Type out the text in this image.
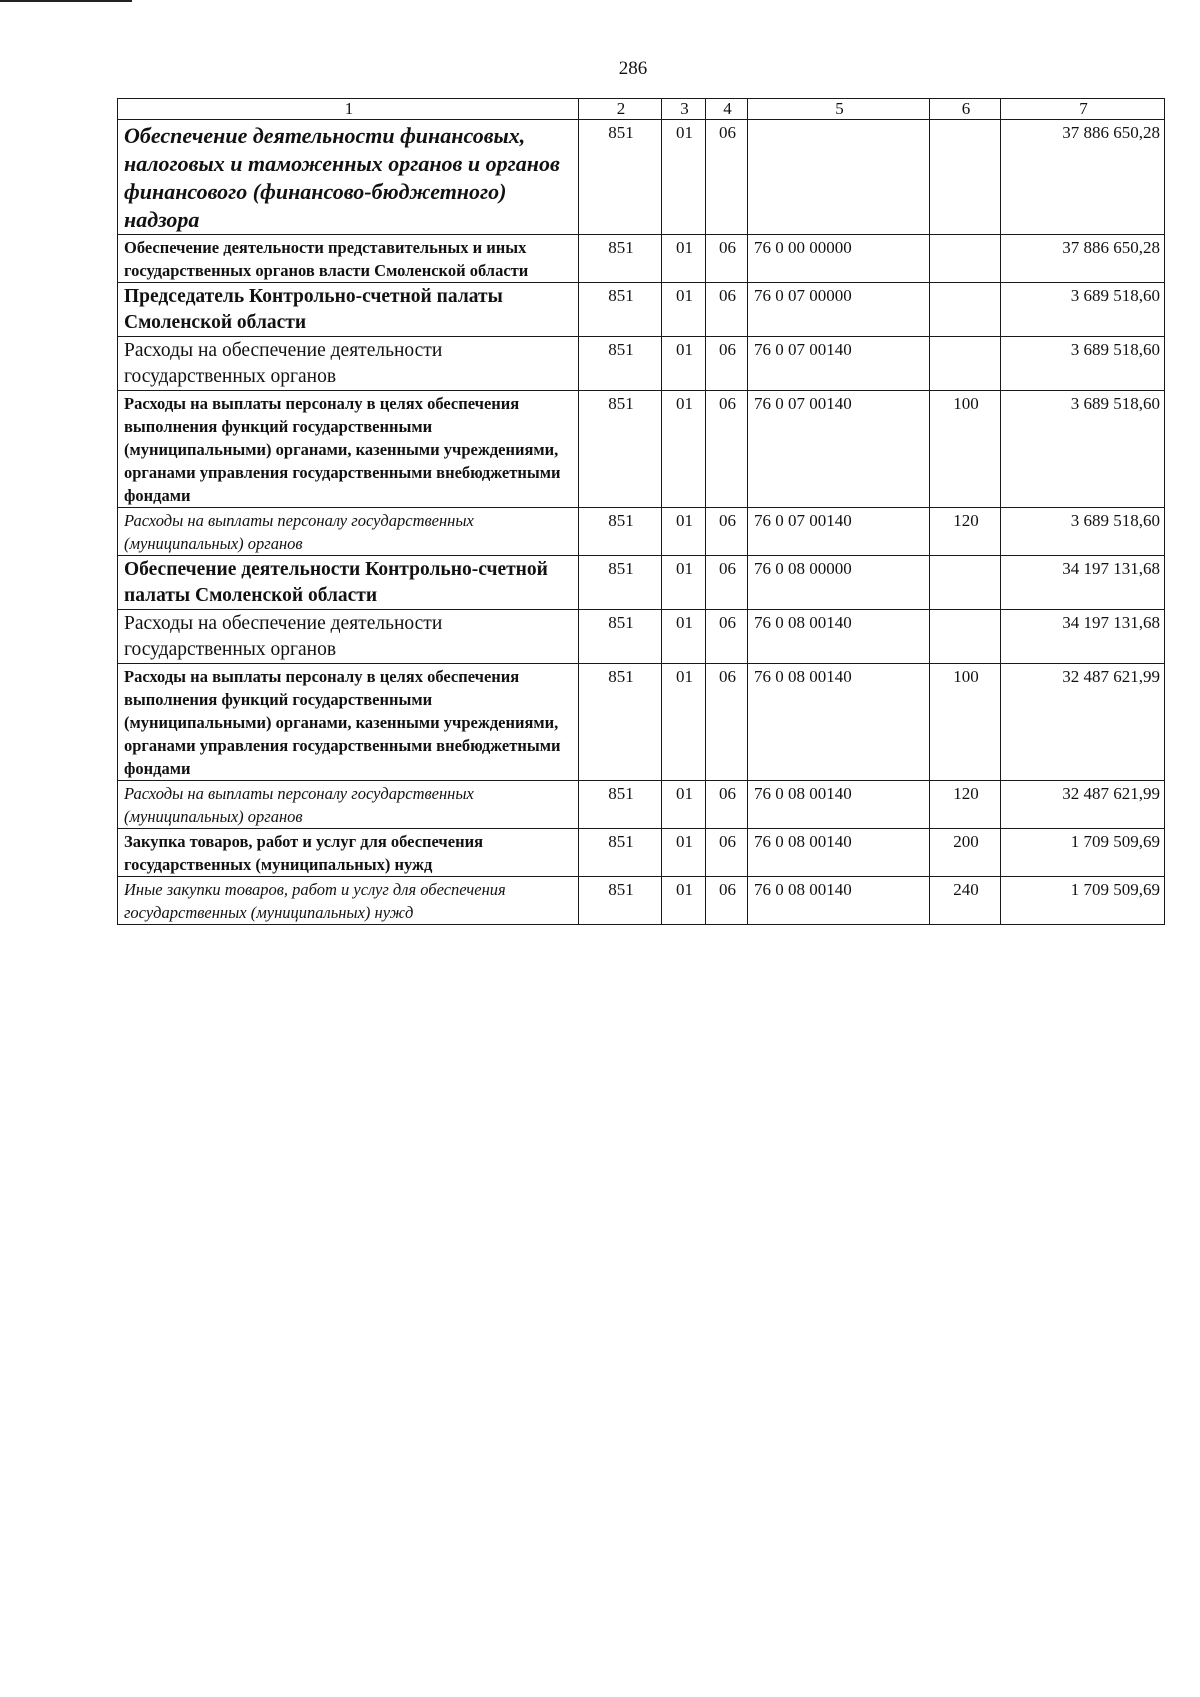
286
1	2	3	4	5	6	7
Обеспечение деятельности финансовых, налоговых и таможенных органов и органов финансового (финансово-бюджетного) надзора	851	01	06			37 886 650,28
Обеспечение деятельности представительных и иных государственных органов власти Смоленской области	851	01	06	76 0 00 00000		37 886 650,28
Председатель Контрольно-счетной палаты Смоленской области	851	01	06	76 0 07 00000		3 689 518,60
Расходы на обеспечение деятельности государственных органов	851	01	06	76 0 07 00140		3 689 518,60
Расходы на выплаты персоналу в целях обеспечения выполнения функций государственными (муниципальными) органами, казенными учреждениями, органами управления государственными внебюджетными фондами	851	01	06	76 0 07 00140	100	3 689 518,60
Расходы на выплаты персоналу государственных (муниципальных) органов	851	01	06	76 0 07 00140	120	3 689 518,60
Обеспечение деятельности Контрольно-счетной палаты Смоленской области	851	01	06	76 0 08 00000		34 197 131,68
Расходы на обеспечение деятельности государственных органов	851	01	06	76 0 08 00140		34 197 131,68
Расходы на выплаты персоналу в целях обеспечения выполнения функций государственными (муниципальными) органами, казенными учреждениями, органами управления государственными внебюджетными фондами	851	01	06	76 0 08 00140	100	32 487 621,99
Расходы на выплаты персоналу государственных (муниципальных) органов	851	01	06	76 0 08 00140	120	32 487 621,99
Закупка товаров, работ и услуг для обеспечения государственных (муниципальных) нужд	851	01	06	76 0 08 00140	200	1 709 509,69
Иные закупки товаров, работ и услуг для обеспечения государственных (муниципальных) нужд	851	01	06	76 0 08 00140	240	1 709 509,69
